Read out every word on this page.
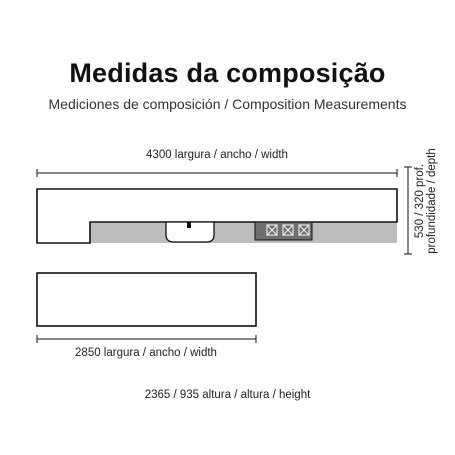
Medidas da composição
Mediciones de composición / Composition Measurements
4300 largura / ancho / width
530 / 320 prof. profundidade / depth
2850 largura / ancho / width
2365 / 935 altura / altura / height
